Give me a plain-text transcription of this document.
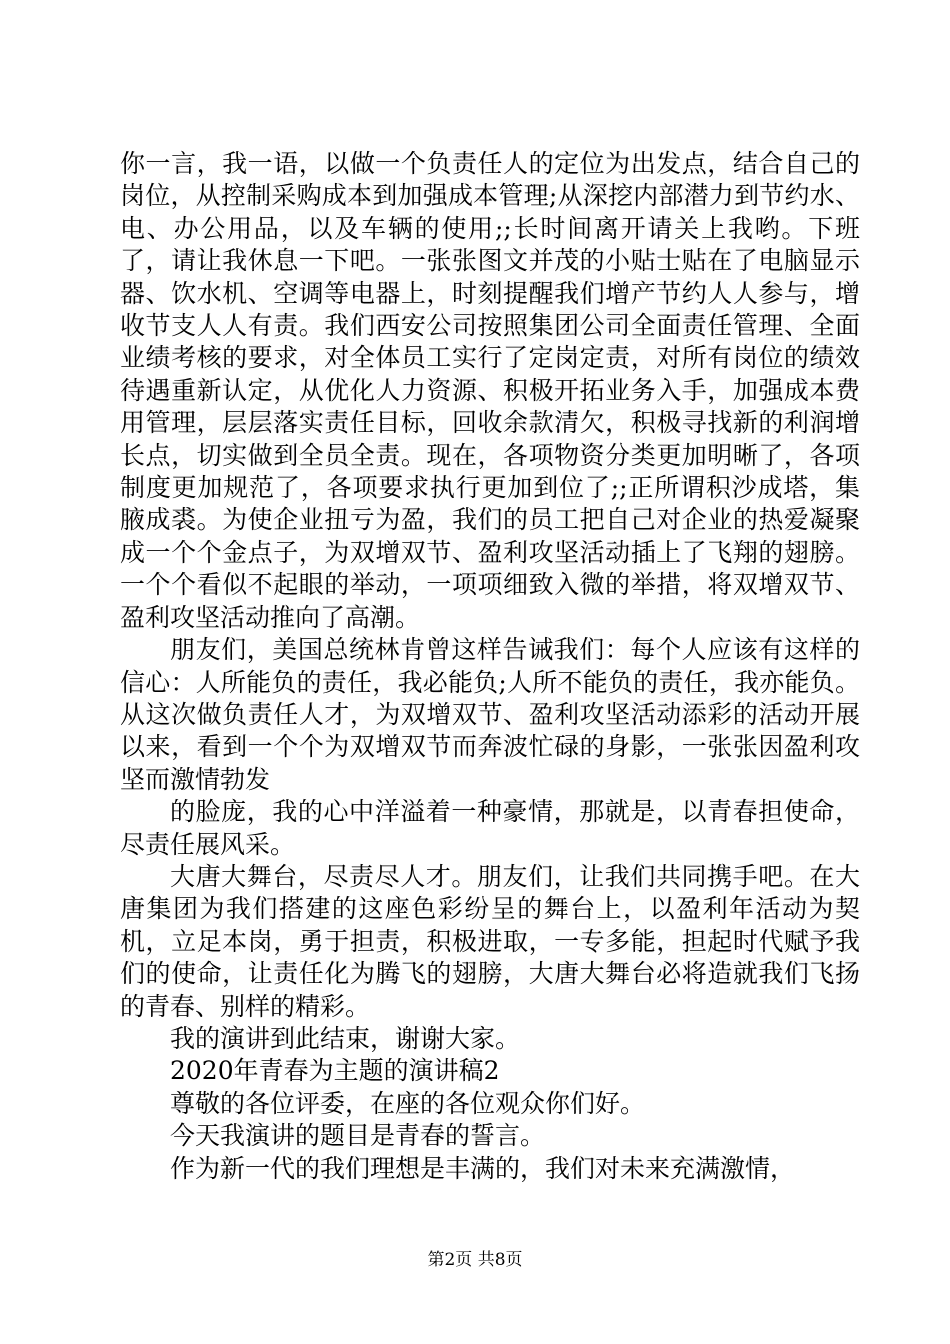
你一言，我一语，以做一个负责任人的定位为出发点，结合自己的岗位，从控制采购成本到加强成本管理;从深挖内部潜力到节约水、电、办公用品，以及车辆的使用;;长时间离开请关上我哟。下班了，请让我休息一下吧。一张张图文并茂的小贴士贴在了电脑显示器、饮水机、空调等电器上，时刻提醒我们增产节约人人参与，增收节支人人有责。我们西安公司按照集团公司全面责任管理、全面业绩考核的要求，对全体员工实行了定岗定责，对所有岗位的绩效待遇重新认定，从优化人力资源、积极开拓业务入手，加强成本费用管理，层层落实责任目标，回收余款清欠，积极寻找新的利润增长点，切实做到全员全责。现在，各项物资分类更加明晰了，各项制度更加规范了，各项要求执行更加到位了;;正所谓积沙成塔，集腋成裘。为使企业扭亏为盈，我们的员工把自己对企业的热爱凝聚成一个个金点子，为双增双节、盈利攻坚活动插上了飞翔的翅膀。一个个看似不起眼的举动，一项项细致入微的举措，将双增双节、盈利攻坚活动推向了高潮。

朋友们，美国总统林肯曾这样告诫我们：每个人应该有这样的信心：人所能负的责任，我必能负;人所不能负的责任，我亦能负。从这次做负责任人才，为双增双节、盈利攻坚活动添彩的活动开展以来，看到一个个为双增双节而奔波忙碌的身影，一张张因盈利攻坚而激情勃发

的脸庞，我的心中洋溢着一种豪情，那就是，以青春担使命，尽责任展风采。

大唐大舞台，尽责尽人才。朋友们，让我们共同携手吧。在大唐集团为我们搭建的这座色彩纷呈的舞台上，以盈利年活动为契机，立足本岗，勇于担责，积极进取，一专多能，担起时代赋予我们的使命，让责任化为腾飞的翅膀，大唐大舞台必将造就我们飞扬的青春、别样的精彩。

我的演讲到此结束，谢谢大家。

2020年青春为主题的演讲稿2

尊敬的各位评委，在座的各位观众你们好。

今天我演讲的题目是青春的誓言。

作为新一代的我们理想是丰满的，我们对未来充满激情，

第2页 共8页
